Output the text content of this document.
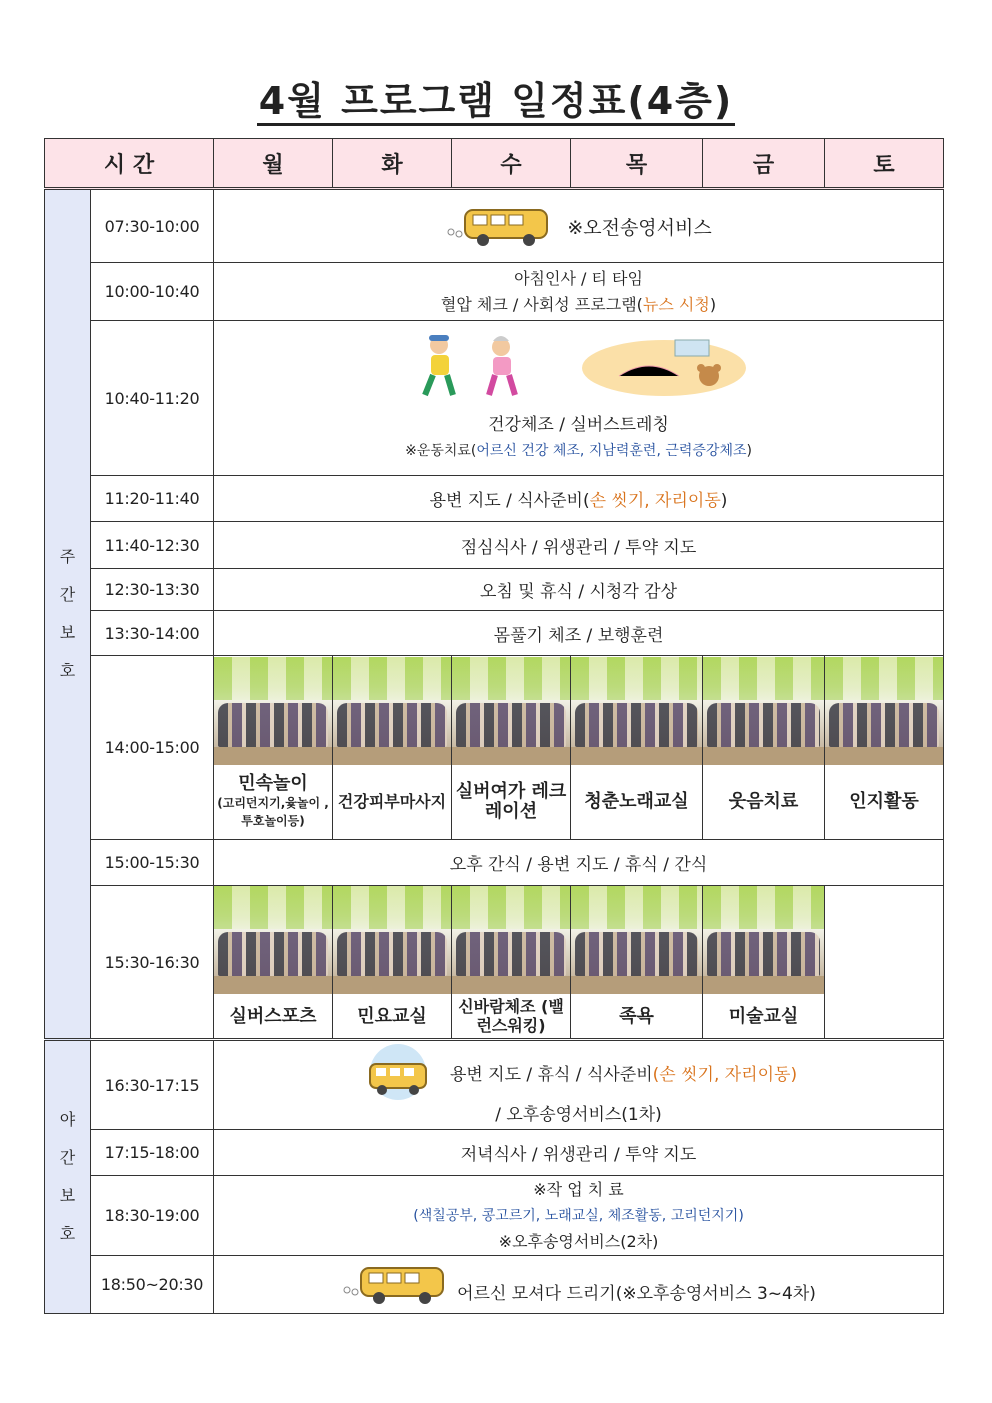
4월 프로그램 일정표(4층)
시 간		월	화	수	목	금	토

주
간
보
호	07:30-10:00	※오전송영서비스					

	10:00-10:40	아침인사 / 티 타임
혈압 체크 / 사회성 프로그램(뉴스 시청)					

	10:40-11:20	건강체조 / 실버스트레칭
※운동치료(어르신 건강 체조, 지남력훈련, 근력증강체조)					

	11:20-11:40	용변 지도 / 식사준비(손 씻기, 자리이동)					
	11:40-12:30	점심식사 / 위생관리 / 투약 지도					
	12:30-13:30	오침 및 휴식 / 시청각 감상					
	13:30-14:00	몸풀기 체조 / 보행훈련					
	14:00-15:00	민속놀이
(고리던지기,윷놀이 ,투호놀이등)	건강피부마사지	실버여가 레크레이션	청춘노래교실	웃음치료	인지활동

	15:00-15:30	오후 간식 / 용변 지도 / 휴식 / 간식					
	15:30-16:30	실버스포츠	민요교실	신바람체조 (밸런스워킹)	족욕	미술교실	

야
간
보
호	16:30-17:15	용변 지도 / 휴식 / 식사준비(손 씻기, 자리이동)
/ 오후송영서비스(1차)					

	17:15-18:00	저녁식사 / 위생관리 / 투약 지도					
	18:30-19:00	※작 업 치 료
(색칠공부, 콩고르기, 노래교실, 체조활동, 고리던지기)
※오후송영서비스(2차)					

	18:50~20:30	어르신 모셔다 드리기(※오후송영서비스 3~4차)					
